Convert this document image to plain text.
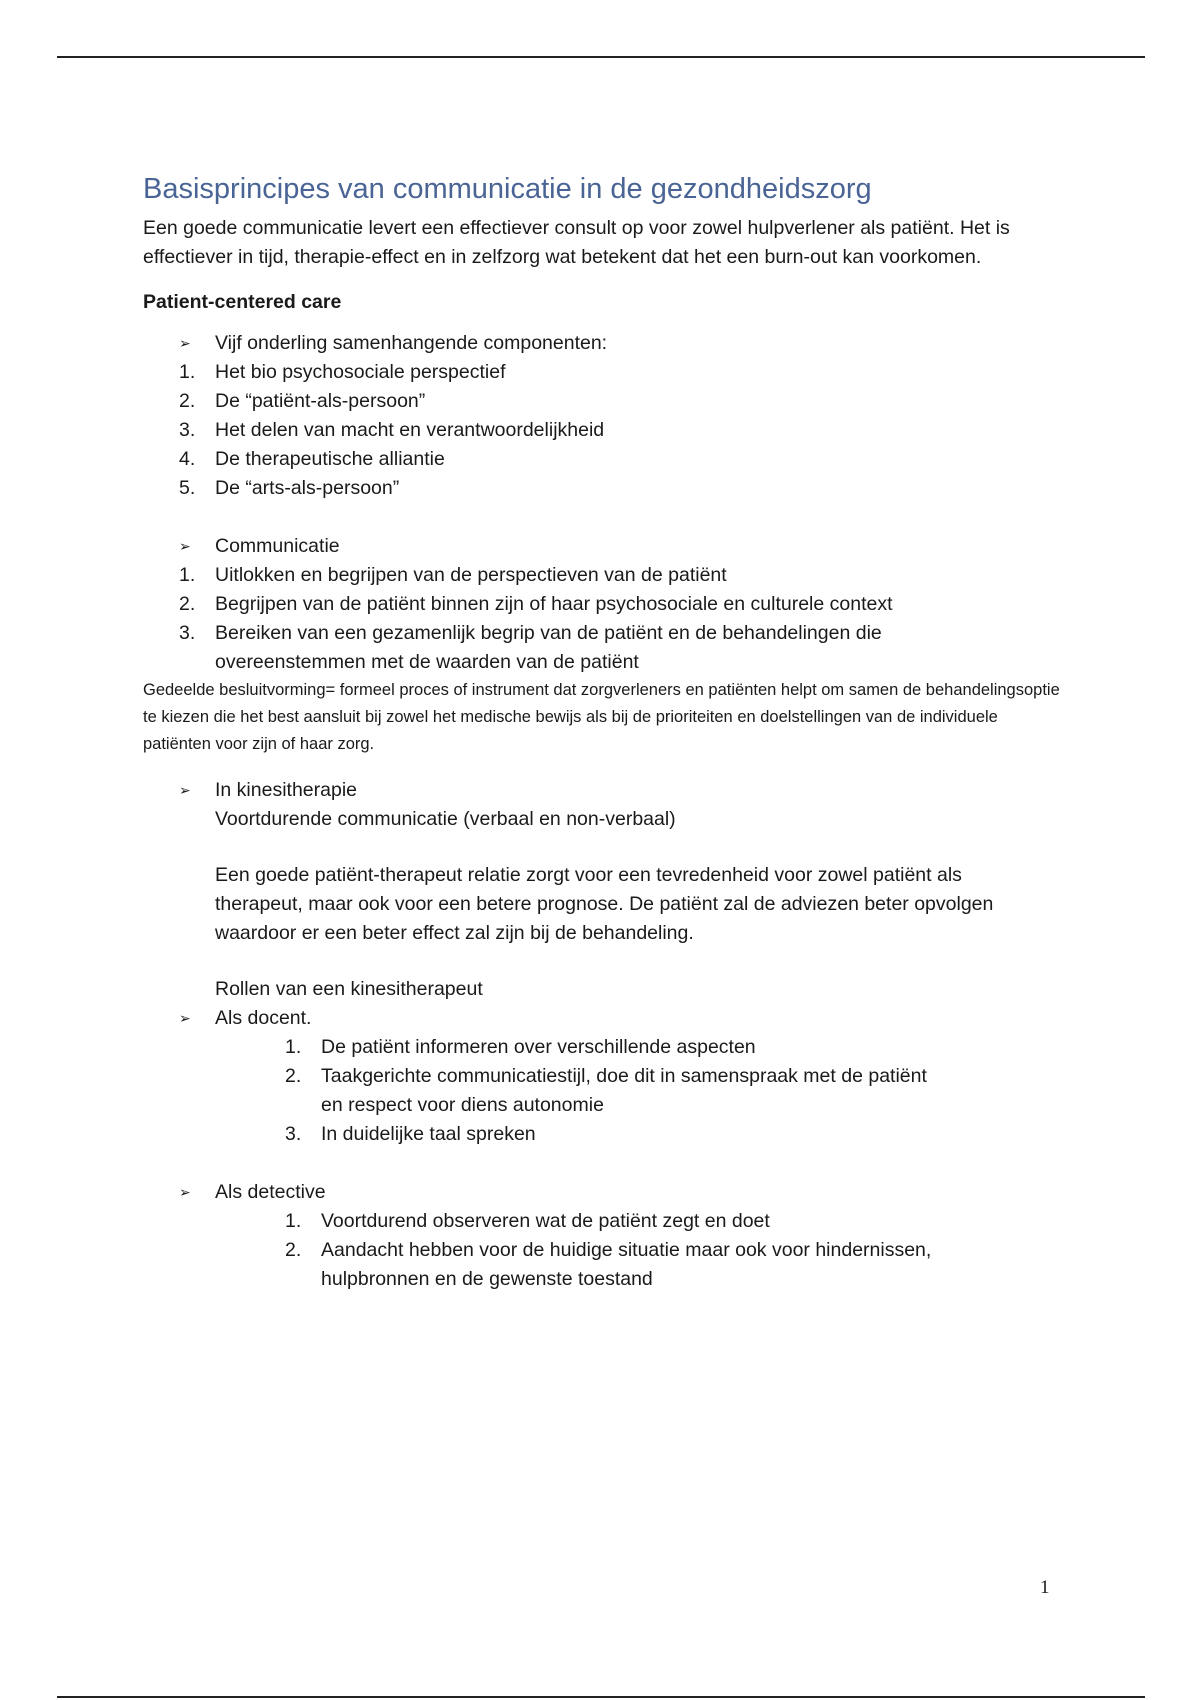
Basisprincipes van communicatie in de gezondheidszorg

Een goede communicatie levert een effectiever consult op voor zowel hulpverlener als patiënt. Het is effectiever in tijd, therapie-effect en in zelfzorg wat betekent dat het een burn-out kan voorkomen.

Patient-centered care
➢	Vijf onderling samenhangende componenten:
1.	Het bio psychosociale perspectief
2.	De “patiënt-als-persoon”
3.	Het delen van macht en verantwoordelijkheid
4.	De therapeutische alliantie
5.	De “arts-als-persoon”
➢	Communicatie
1.	Uitlokken en begrijpen van de perspectieven van de patiënt
2.	Begrijpen van de patiënt binnen zijn of haar psychosociale en culturele context
3.	Bereiken van een gezamenlijk begrip van de patiënt en de behandelingen die overeenstemmen met de waarden van de patiënt

Gedeelde besluitvorming= formeel proces of instrument dat zorgverleners en patiënten helpt om samen de behandelingsoptie te kiezen die het best aansluit bij zowel het medische bewijs als bij de prioriteiten en doelstellingen van de individuele patiënten voor zijn of haar zorg.

➢	In kinesitherapie
Voortdurende communicatie (verbaal en non-verbaal)
Een goede patiënt-therapeut relatie zorgt voor een tevredenheid voor zowel patiënt als therapeut, maar ook voor een betere prognose. De patiënt zal de adviezen beter opvolgen waardoor er een beter effect zal zijn bij de behandeling.
Rollen van een kinesitherapeut
➢	Als docent.
1.	De patiënt informeren over verschillende aspecten
2.	Taakgerichte communicatiestijl, doe dit in samenspraak met de patiënt en respect voor diens autonomie
3.	In duidelijke taal spreken
➢	Als detective
1.	Voortdurend observeren wat de patiënt zegt en doet
2.	Aandacht hebben voor de huidige situatie maar ook voor hindernissen, hulpbronnen en de gewenste toestand
1
